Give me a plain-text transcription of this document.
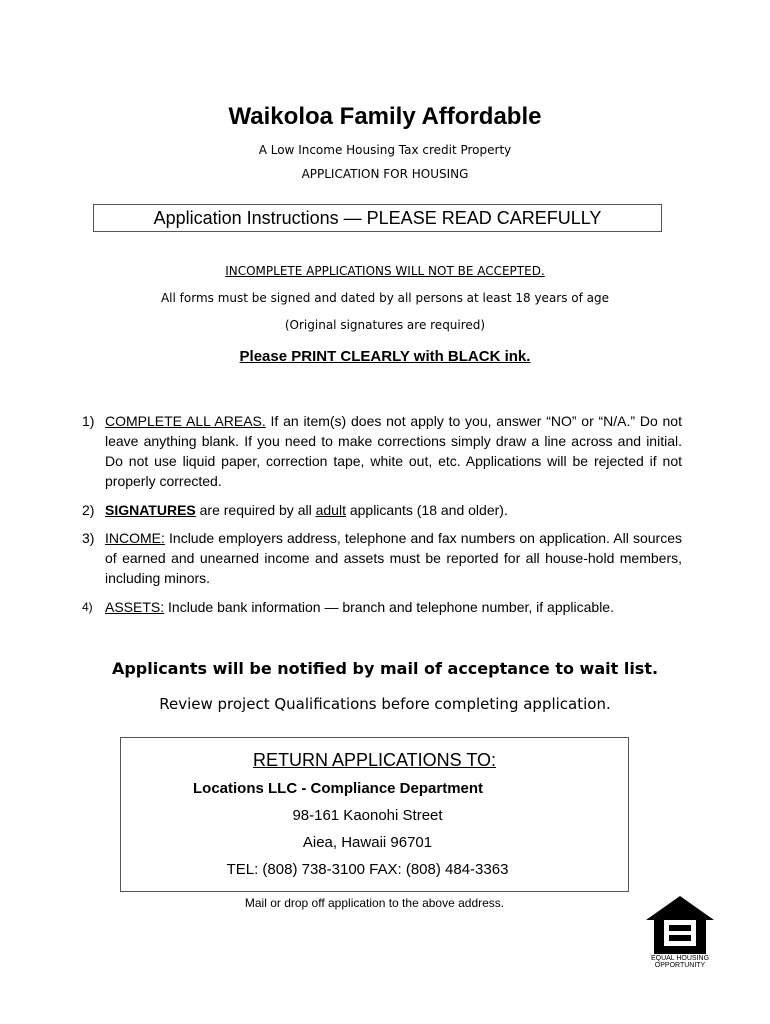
Waikoloa Family Affordable
A Low Income Housing Tax credit Property
APPLICATION FOR HOUSING
Application Instructions — PLEASE READ CAREFULLY
INCOMPLETE APPLICATIONS WILL NOT BE ACCEPTED.
All forms must be signed and dated by all persons at least 18 years of age
(Original signatures are required)
Please PRINT CLEARLY with BLACK ink.
1) COMPLETE ALL AREAS. If an item(s) does not apply to you, answer “NO” or “N/A.” Do not leave anything blank. If you need to make corrections simply draw a line across and initial. Do not use liquid paper, correction tape, white out, etc. Applications will be rejected if not properly corrected.
2) SIGNATURES are required by all adult applicants (18 and older).
3) INCOME: Include employers address, telephone and fax numbers on application. All sources of earned and unearned income and assets must be reported for all house-hold members, including minors.
4) ASSETS: Include bank information — branch and telephone number, if applicable.
Applicants will be notified by mail of acceptance to wait list.
Review project Qualifications before completing application.
RETURN APPLICATIONS TO:
Locations LLC - Compliance Department
98-161 Kaonohi Street
Aiea, Hawaii 96701
TEL: (808) 738-3100 FAX: (808) 484-3363
Mail or drop off application to the above address.
EQUAL HOUSING
OPPORTUNITY
